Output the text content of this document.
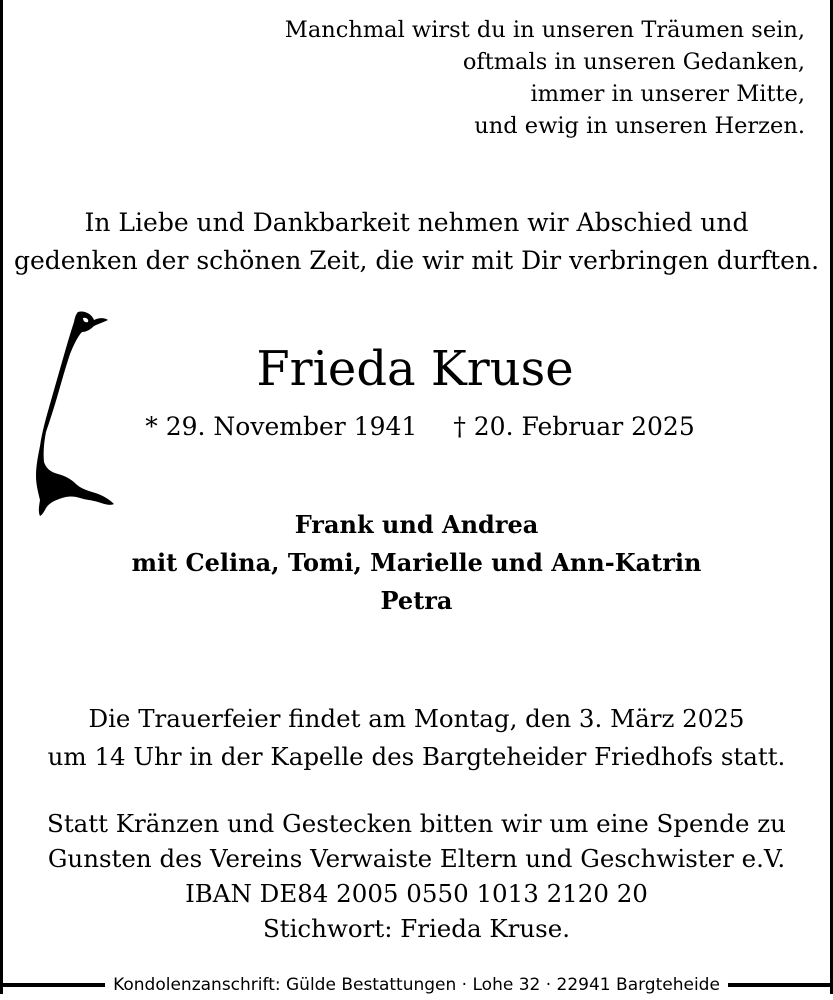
Manchmal wirst du in unseren Träumen sein,
oftmals in unseren Gedanken,
immer in unserer Mitte,
und ewig in unseren Herzen.
In Liebe und Dankbarkeit nehmen wir Abschied und
gedenken der schönen Zeit, die wir mit Dir verbringen durften.
Frieda Kruse
* 29. November 1941 † 20. Februar 2025
Frank und Andrea
mit Celina, Tomi, Marielle und Ann-Katrin
Petra
Die Trauerfeier findet am Montag, den 3. März 2025
um 14 Uhr in der Kapelle des Bargteheider Friedhofs statt.
Statt Kränzen und Gestecken bitten wir um eine Spende zu
Gunsten des Vereins Verwaiste Eltern und Geschwister e.V.
IBAN DE84 2005 0550 1013 2120 20
Stichwort: Frieda Kruse.
Kondolenzanschrift: Gülde Bestattungen · Lohe 32 · 22941 Bargteheide
